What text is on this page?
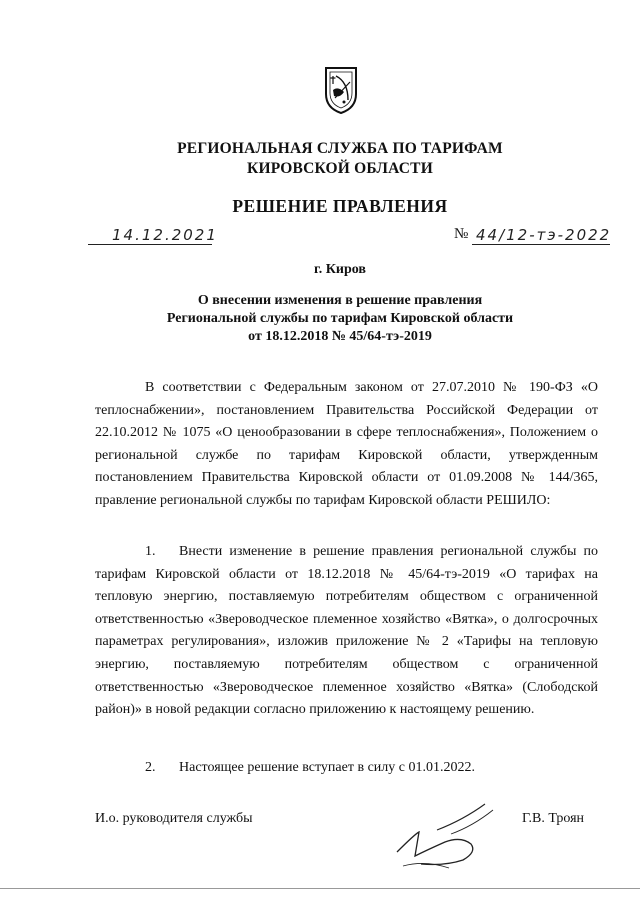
РЕГИОНАЛЬНАЯ СЛУЖБА ПО ТАРИФАМ
КИРОВСКОЙ ОБЛАСТИ
РЕШЕНИЕ ПРАВЛЕНИЯ
14.12.2021	№ 44/12-тэ-2022
г. Киров
О внесении изменения в решение правления
Региональной службы по тарифам Кировской области
от 18.12.2018 № 45/64-тэ-2019

В соответствии с Федеральным законом от 27.07.2010 № 190-ФЗ «О теплоснабжении», постановлением Правительства Российской Федерации от 22.10.2012 № 1075 «О ценообразовании в сфере теплоснабжения», Положением о региональной службе по тарифам Кировской области, утвержденным постановлением Правительства Кировской области от 01.09.2008 № 144/365, правление региональной службы по тарифам Кировской области РЕШИЛО:

1. Внести изменение в решение правления региональной службы по тарифам Кировской области от 18.12.2018 № 45/64-тэ-2019 «О тарифах на тепловую энергию, поставляемую потребителям обществом с ограниченной ответственностью «Звероводческое племенное хозяйство «Вятка», о долгосрочных параметрах регулирования», изложив приложение № 2 «Тарифы на тепловую энергию, поставляемую потребителям обществом с ограниченной ответственностью «Звероводческое племенное хозяйство «Вятка» (Слободской район)» в новой редакции согласно приложению к настоящему решению.

2. Настоящее решение вступает в силу с 01.01.2022.

И.о. руководителя службы	Г.В. Троян
